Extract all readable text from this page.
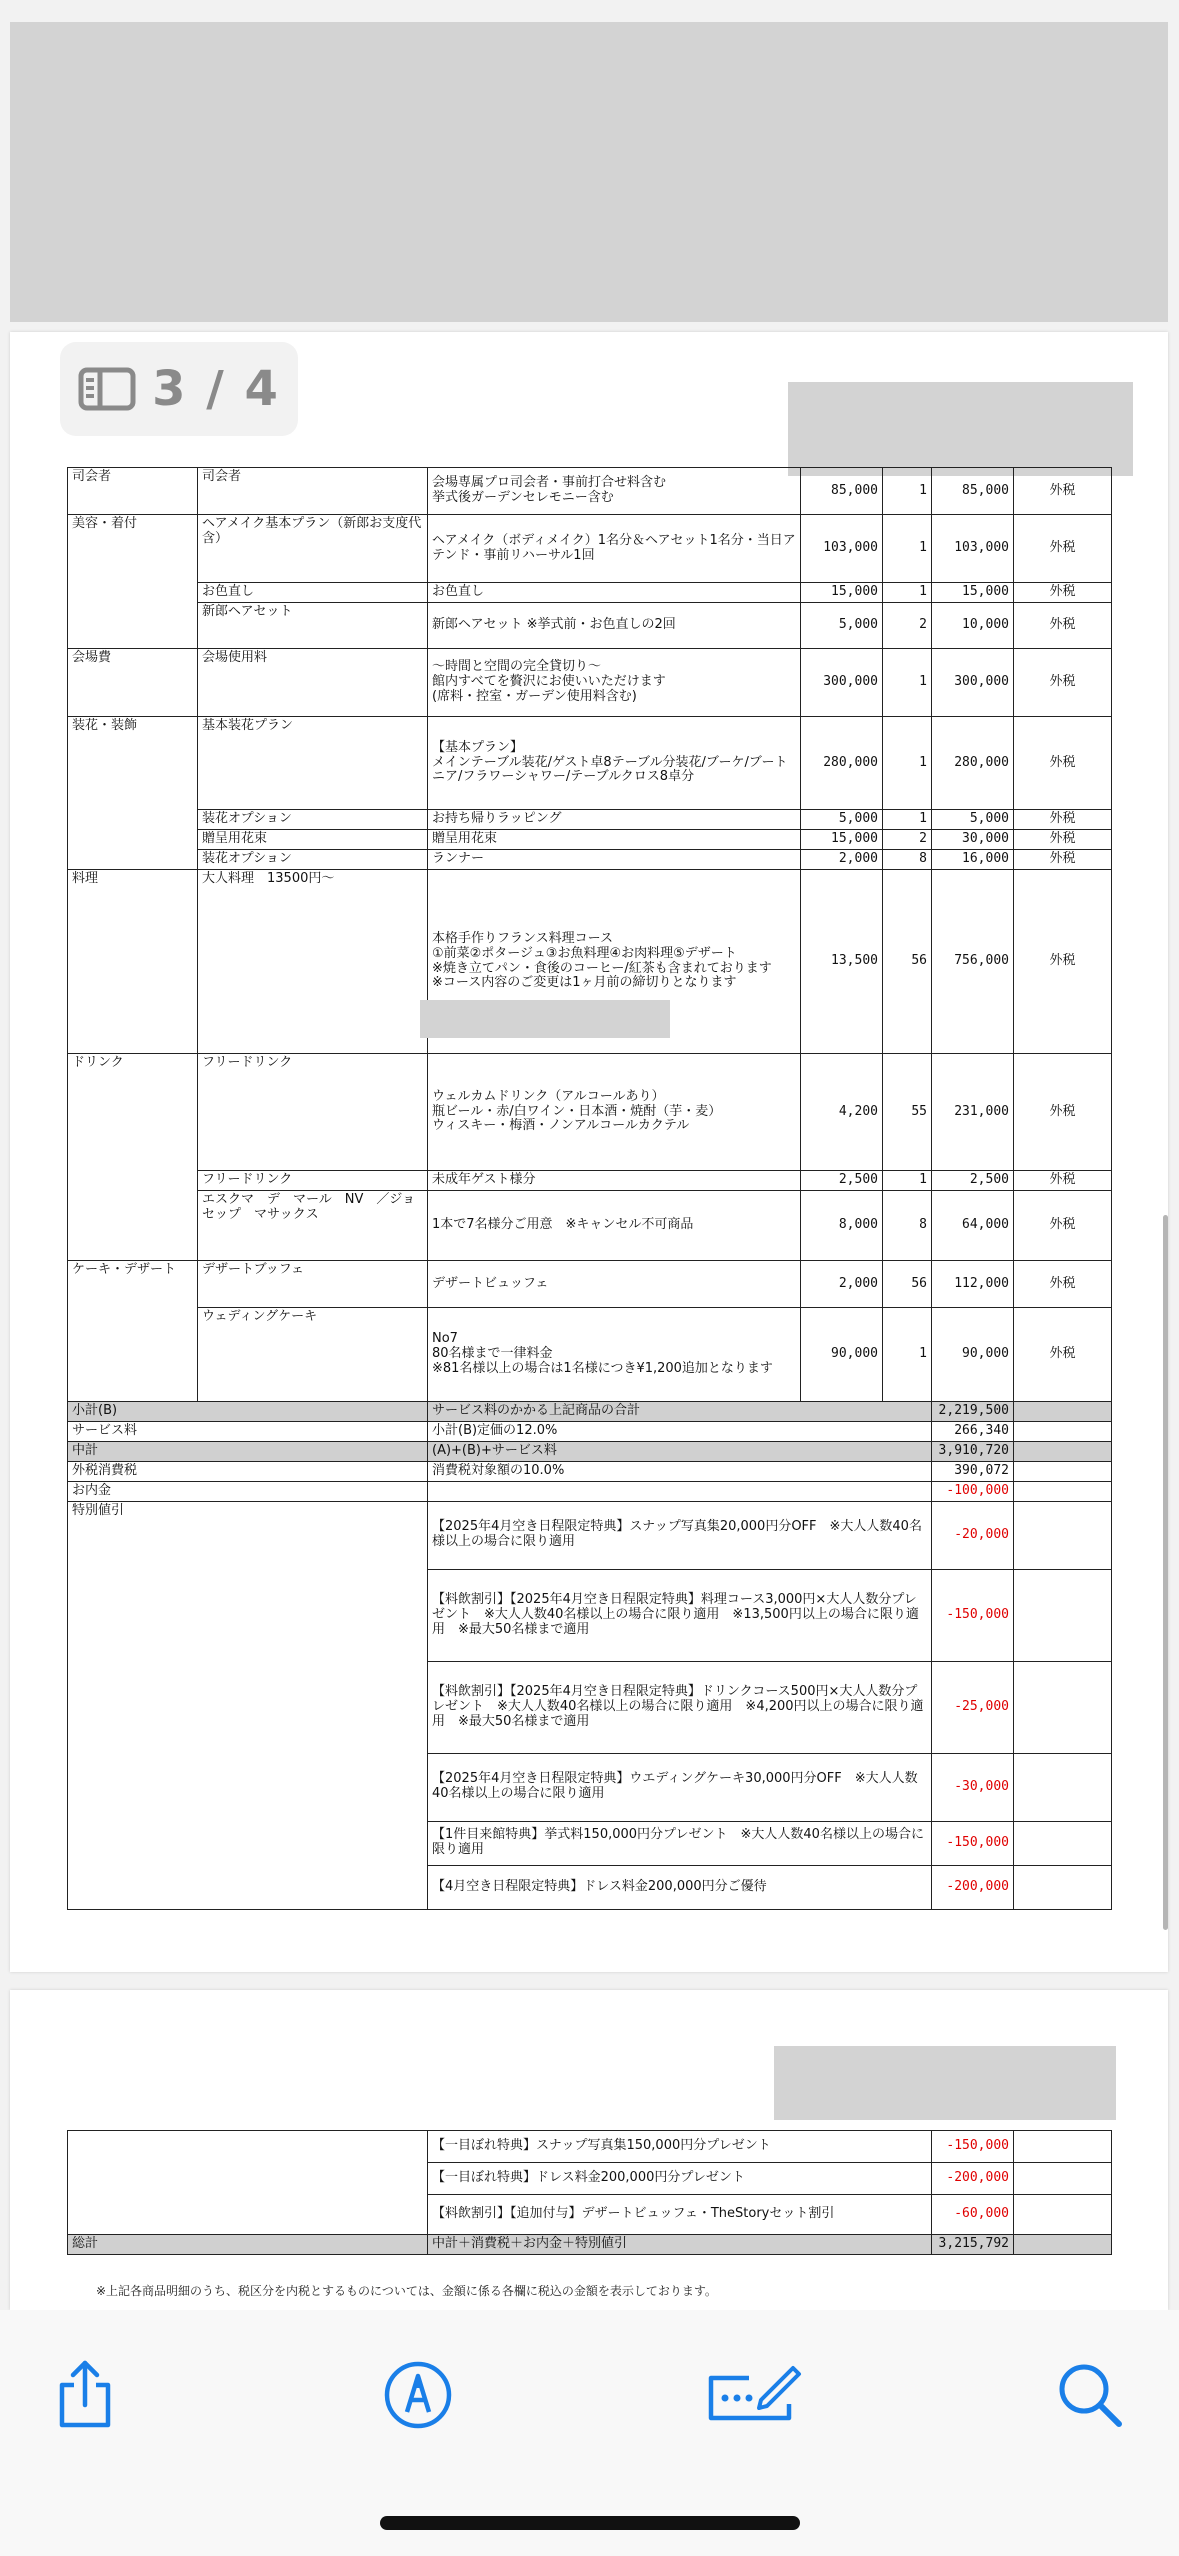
3 / 4
司会者	司会者	会場専属プロ司会者・事前打合せ料含む
挙式後ガーデンセレモニー含む	85,000	1	85,000	外税
美容・着付	ヘアメイク基本プラン（新郎お支度代含）	ヘアメイク（ボディメイク）1名分＆ヘアセット1名分・当日アテンド・事前リハーサル1回	103,000	1	103,000	外税
	お色直し	お色直し	15,000	1	15,000	外税
	新郎ヘアセット	新郎ヘアセット ※挙式前・お色直しの2回	5,000	2	10,000	外税
会場費	会場使用料	〜時間と空間の完全貸切り〜
館内すべてを贅沢にお使いいただけます
(席料・控室・ガーデン使用料含む)	300,000	1	300,000	外税
装花・装飾	基本装花プラン	【基本プラン】
メインテーブル装花/ゲスト卓8テーブル分装花/ブーケ/ブートニア/フラワーシャワー/テーブルクロス8卓分	280,000	1	280,000	外税
	装花オプション	お持ち帰りラッピング	5,000	1	5,000	外税
	贈呈用花束	贈呈用花束	15,000	2	30,000	外税
	装花オプション	ランナー	2,000	8	16,000	外税
料理	大人料理　13500円〜	本格手作りフランス料理コース
①前菜②ポタージュ③お魚料理④お肉料理⑤デザート
※焼き立てパン・食後のコーヒー/紅茶も含まれております
※コース内容のご変更は1ヶ月前の締切りとなります	13,500	56	756,000	外税
ドリンク	フリードリンク	ウェルカムドリンク（アルコールあり）
瓶ビール・赤/白ワイン・日本酒・焼酎（芋・麦）
ウィスキー・梅酒・ノンアルコールカクテル	4,200	55	231,000	外税
	フリードリンク	未成年ゲスト様分	2,500	1	2,500	外税
	エスクマ　デ　マール　NV　／ジョセップ　マサックス	1本で7名様分ご用意　※キャンセル不可商品	8,000	8	64,000	外税
ケーキ・デザート	デザートブッフェ	デザートビュッフェ	2,000	56	112,000	外税
	ウェディングケーキ	No7
80名様まで一律料金
※81名様以上の場合は1名様につき¥1,200追加となります	90,000	1	90,000	外税
小計(B)		サービス料のかかる上記商品の合計			2,219,500	
サービス料		小計(B)定価の12.0%			266,340	
中計		(A)+(B)+サービス料			3,910,720	
外税消費税		消費税対象額の10.0%			390,072	
お内金					-100,000	
特別値引		【2025年4月空き日程限定特典】スナップ写真集20,000円分OFF　※大人人数40名様以上の場合に限り適用			-20,000	
		【料飲割引】【2025年4月空き日程限定特典】料理コース3,000円×大人人数分プレゼント　※大人人数40名様以上の場合に限り適用　※13,500円以上の場合に限り適用　※最大50名様まで適用			-150,000	
		【料飲割引】【2025年4月空き日程限定特典】ドリンクコース500円×大人人数分プレゼント　※大人人数40名様以上の場合に限り適用　※4,200円以上の場合に限り適用　※最大50名様まで適用			-25,000	
		【2025年4月空き日程限定特典】ウエディングケーキ30,000円分OFF　※大人人数40名様以上の場合に限り適用			-30,000	
		【1件目来館特典】挙式料150,000円分プレゼント　※大人人数40名様以上の場合に限り適用			-150,000	
		【4月空き日程限定特典】ドレス料金200,000円分ご優待			-200,000	
	【一目ぼれ特典】スナップ写真集150,000円分プレゼント	-150,000	
	【一目ぼれ特典】ドレス料金200,000円分プレゼント	-200,000	
	【料飲割引】【追加付与】デザートビュッフェ・TheStoryセット割引	-60,000	
総計	中計＋消費税＋お内金＋特別値引	3,215,792	
※上記各商品明細のうち、税区分を内税とするものについては、金額に係る各欄に税込の金額を表示しております。
